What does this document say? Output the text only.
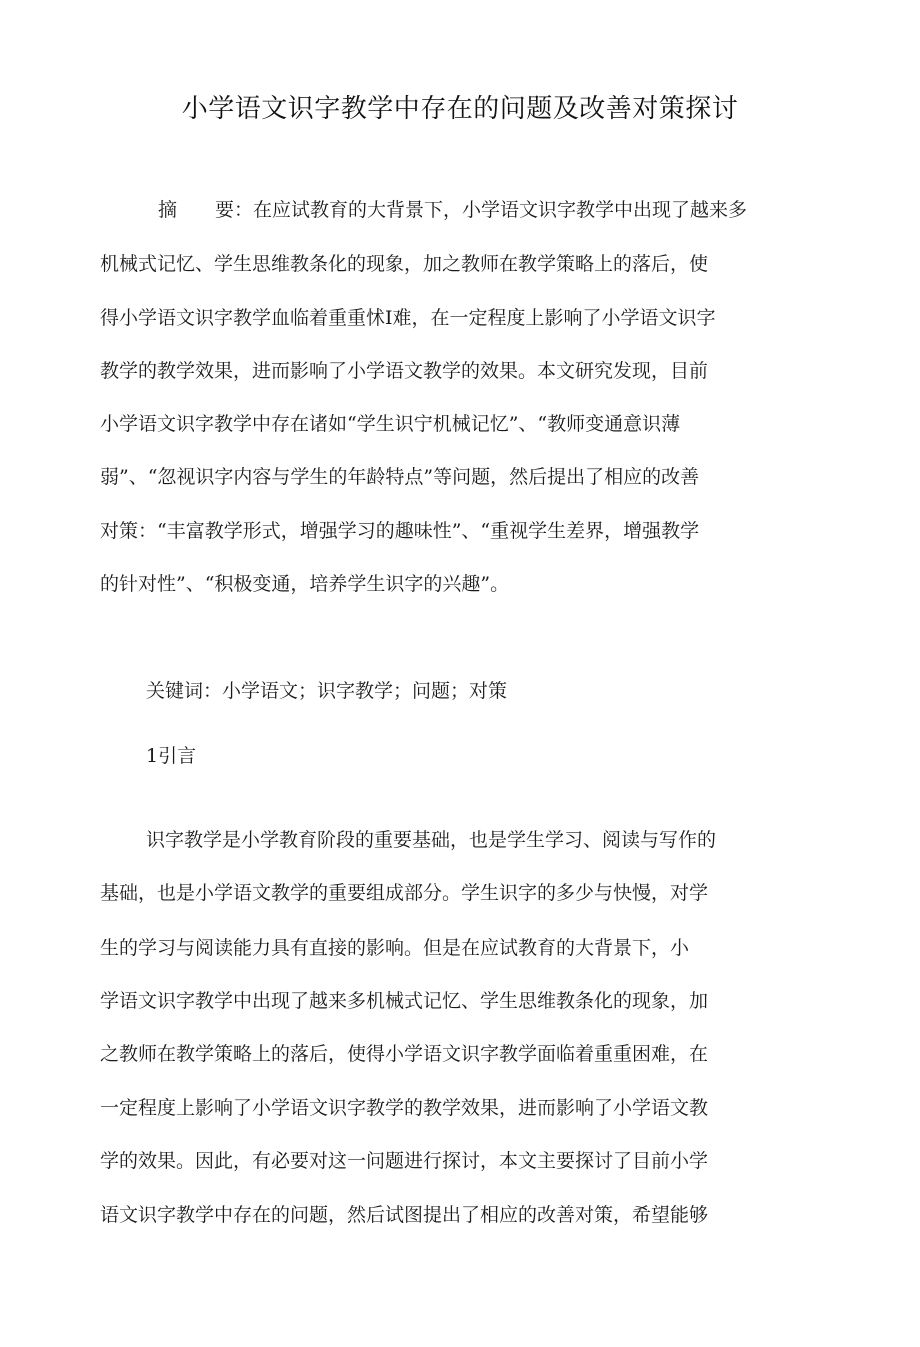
小学语文识字教学中存在的问题及改善对策探讨
摘　　要：在应试教育的大背景下，小学语文识字教学中出现了越来多
机械式记忆、学生思维教条化的现象，加之教师在教学策略上的落后，使
得小学语文识字教学血临着重重怵I难，在一定程度上影响了小学语文识字
教学的教学效果，进而影响了小学语文教学的效果。本文研究发现，目前
小学语文识字教学中存在诸如“学生识宁机械记忆”、“教师变通意识薄
弱”、“忽视识字内容与学生的年龄特点”等问题，然后提出了相应的改善
对策：“丰富教学形式，增强学习的趣味性”、“重视学生差界，增强教学
的针对性”、“积极变通，培养学生识字的兴趣”。
关键词：小学语文；识字教学；问题；对策
1引言
识字教学是小学教育阶段的重要基础，也是学生学习、阅读与写作的
基础，也是小学语文教学的重要组成部分。学生识字的多少与快慢，对学
生的学习与阅读能力具有直接的影响。但是在应试教育的大背景下，小
学语文识字教学中出现了越来多机械式记忆、学生思维教条化的现象，加
之教师在教学策略上的落后，使得小学语文识字教学面临着重重困难，在
一定程度上影响了小学语文识字教学的教学效果，进而影响了小学语文教
学的效果。因此，有必要对这一问题进行探讨，本文主要探讨了目前小学
语文识字教学中存在的问题，然后试图提出了相应的改善对策，希望能够
